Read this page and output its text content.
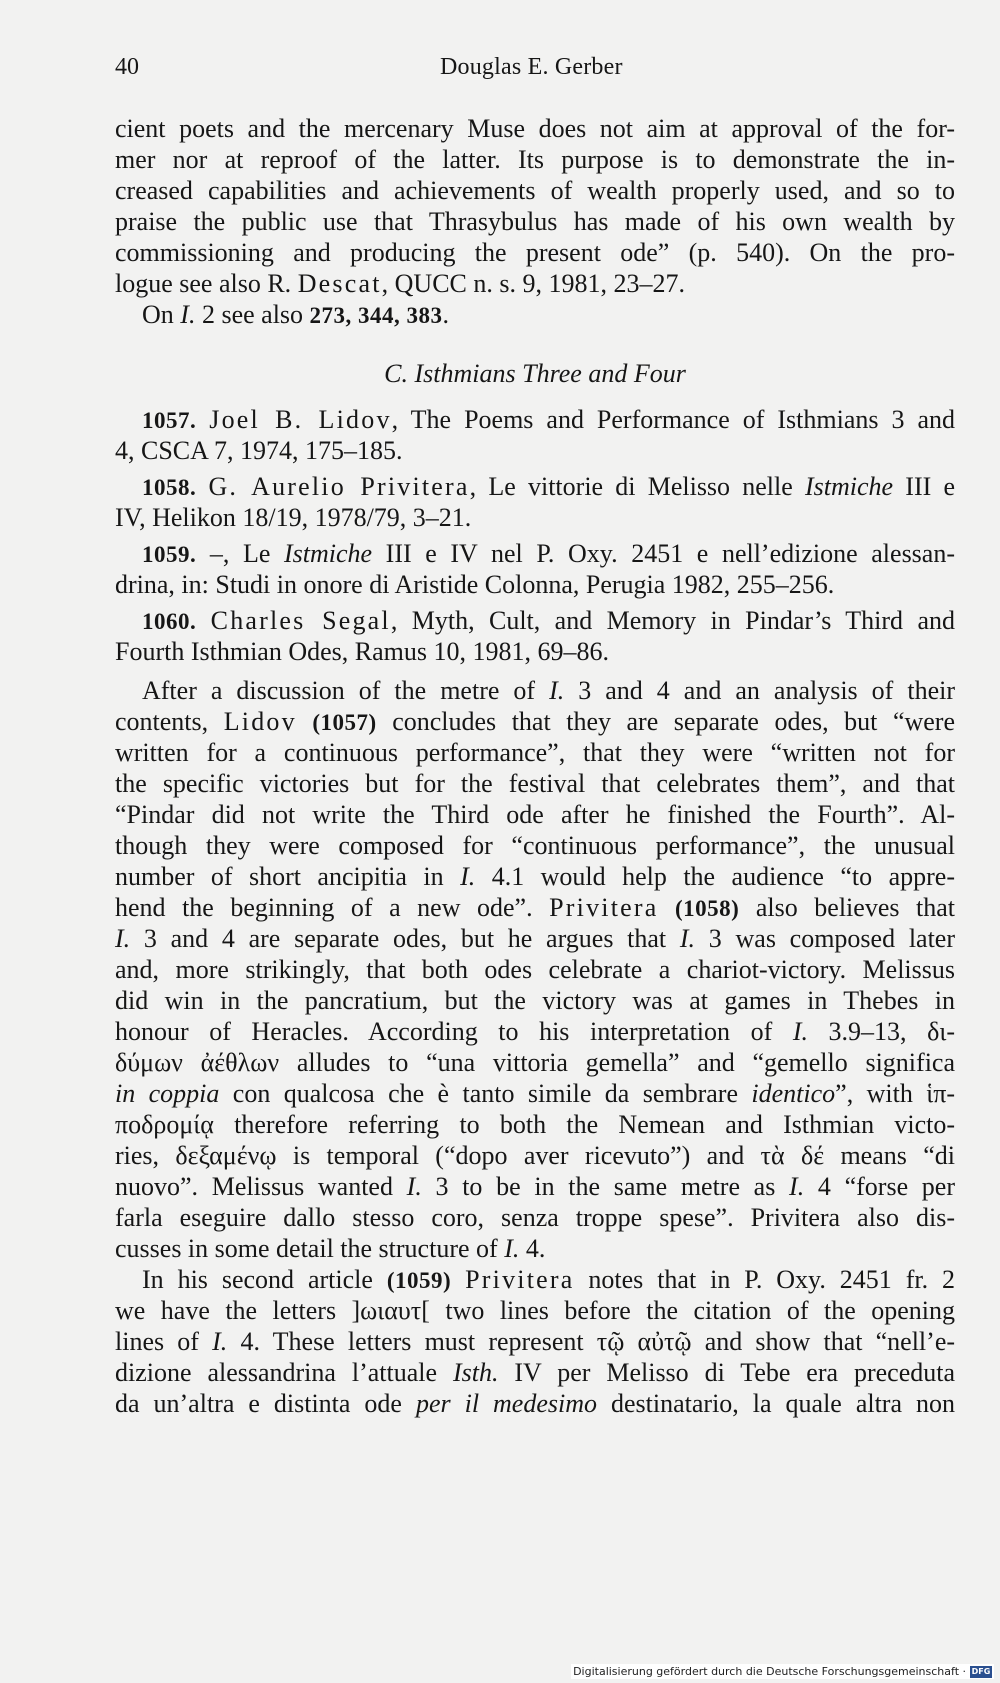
40	Douglas E. Gerber
cient poets and the mercenary Muse does not aim at approval of the for-
mer nor at reproof of the latter. Its purpose is to demonstrate the in-
creased capabilities and achievements of wealth properly used, and so to
praise the public use that Thrasybulus has made of his own wealth by
commissioning and producing the present ode” (p. 540). On the pro-
logue see also R. Descat, QUCC n. s. 9, 1981, 23–27.
On I. 2 see also 273, 344, 383.
C. Isthmians Three and Four
1057. Joel B. Lidov, The Poems and Performance of Isthmians 3 and
4, CSCA 7, 1974, 175–185.
1058. G. Aurelio Privitera, Le vittorie di Melisso nelle Istmiche III e
IV, Helikon 18/19, 1978/79, 3–21.
1059. –, Le Istmiche III e IV nel P. Oxy. 2451 e nell’edizione alessan-
drina, in: Studi in onore di Aristide Colonna, Perugia 1982, 255–256.
1060. Charles Segal, Myth, Cult, and Memory in Pindar’s Third and
Fourth Isthmian Odes, Ramus 10, 1981, 69–86.
After a discussion of the metre of I. 3 and 4 and an analysis of their
contents, Lidov (1057) concludes that they are separate odes, but “were
written for a continuous performance”, that they were “written not for
the specific victories but for the festival that celebrates them”, and that
“Pindar did not write the Third ode after he finished the Fourth”. Al-
though they were composed for “continuous performance”, the unusual
number of short ancipitia in I. 4.1 would help the audience “to appre-
hend the beginning of a new ode”. Privitera (1058) also believes that
I. 3 and 4 are separate odes, but he argues that I. 3 was composed later
and, more strikingly, that both odes celebrate a chariot-victory. Melissus
did win in the pancratium, but the victory was at games in Thebes in
honour of Heracles. According to his interpretation of I. 3.9–13, δι-
δύμων ἀέθλων alludes to “una vittoria gemella” and “gemello significa
in coppia con qualcosa che è tanto simile da sembrare identico”, with ἱπ-
ποδρομίᾳ therefore referring to both the Nemean and Isthmian victo-
ries, δεξαμένῳ is temporal (“dopo aver ricevuto”) and τὰ δέ means “di
nuovo”. Melissus wanted I. 3 to be in the same metre as I. 4 “forse per
farla eseguire dallo stesso coro, senza troppe spese”. Privitera also dis-
cusses in some detail the structure of I. 4.
In his second article (1059) Privitera notes that in P. Oxy. 2451 fr. 2
we have the letters ]ωιαυτ[ two lines before the citation of the opening
lines of I. 4. These letters must represent τῷ αὐτῷ and show that “nell’e-
dizione alessandrina l’attuale Isth. IV per Melisso di Tebe era preceduta
da un’altra e distinta ode per il medesimo destinatario, la quale altra non
Digitalisierung gefördert durch die Deutsche Forschungsgemeinschaft · DFG
